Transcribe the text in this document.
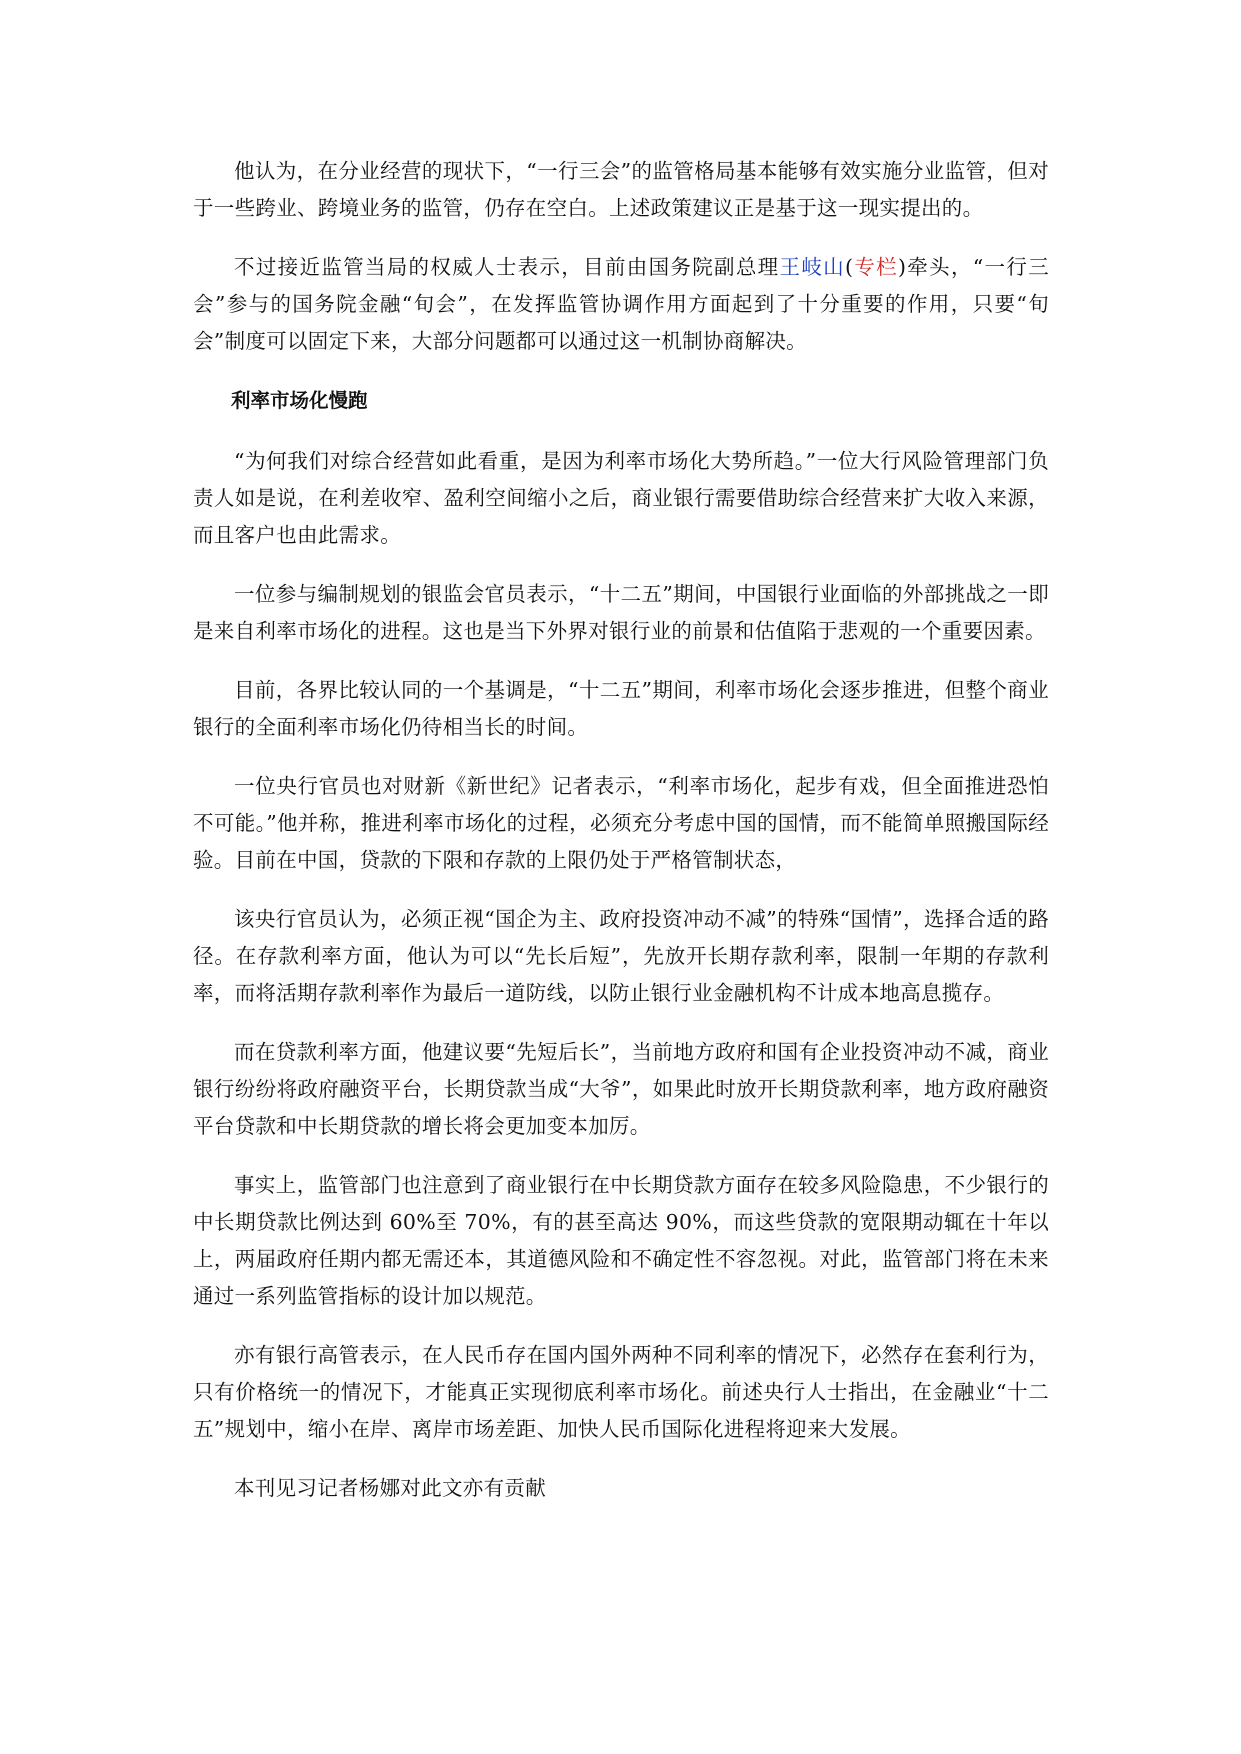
他认为，在分业经营的现状下，“一行三会”的监管格局基本能够有效实施分业监管，但对于一些跨业、跨境业务的监管，仍存在空白。上述政策建议正是基于这一现实提出的。

不过接近监管当局的权威人士表示，目前由国务院副总理王岐山(专栏)牵头，“一行三会”参与的国务院金融“旬会”，在发挥监管协调作用方面起到了十分重要的作用，只要“旬会”制度可以固定下来，大部分问题都可以通过这一机制协商解决。

利率市场化慢跑

“为何我们对综合经营如此看重，是因为利率市场化大势所趋。”一位大行风险管理部门负责人如是说，在利差收窄、盈利空间缩小之后，商业银行需要借助综合经营来扩大收入来源，而且客户也由此需求。

一位参与编制规划的银监会官员表示，“十二五”期间，中国银行业面临的外部挑战之一即是来自利率市场化的进程。这也是当下外界对银行业的前景和估值陷于悲观的一个重要因素。

目前，各界比较认同的一个基调是，“十二五”期间，利率市场化会逐步推进，但整个商业银行的全面利率市场化仍待相当长的时间。

一位央行官员也对财新《新世纪》记者表示，“利率市场化，起步有戏，但全面推进恐怕不可能。”他并称，推进利率市场化的过程，必须充分考虑中国的国情，而不能简单照搬国际经验。目前在中国，贷款的下限和存款的上限仍处于严格管制状态，

该央行官员认为，必须正视“国企为主、政府投资冲动不减”的特殊“国情”，选择合适的路径。在存款利率方面，他认为可以“先长后短”，先放开长期存款利率，限制一年期的存款利率，而将活期存款利率作为最后一道防线，以防止银行业金融机构不计成本地高息揽存。

而在贷款利率方面，他建议要“先短后长”，当前地方政府和国有企业投资冲动不减，商业银行纷纷将政府融资平台，长期贷款当成“大爷”，如果此时放开长期贷款利率，地方政府融资平台贷款和中长期贷款的增长将会更加变本加厉。

事实上，监管部门也注意到了商业银行在中长期贷款方面存在较多风险隐患，不少银行的中长期贷款比例达到 60%至 70%，有的甚至高达 90%，而这些贷款的宽限期动辄在十年以上，两届政府任期内都无需还本，其道德风险和不确定性不容忽视。对此，监管部门将在未来通过一系列监管指标的设计加以规范。

亦有银行高管表示，在人民币存在国内国外两种不同利率的情况下，必然存在套利行为，只有价格统一的情况下，才能真正实现彻底利率市场化。前述央行人士指出，在金融业“十二五”规划中，缩小在岸、离岸市场差距、加快人民币国际化进程将迎来大发展。

本刊见习记者杨娜对此文亦有贡献
